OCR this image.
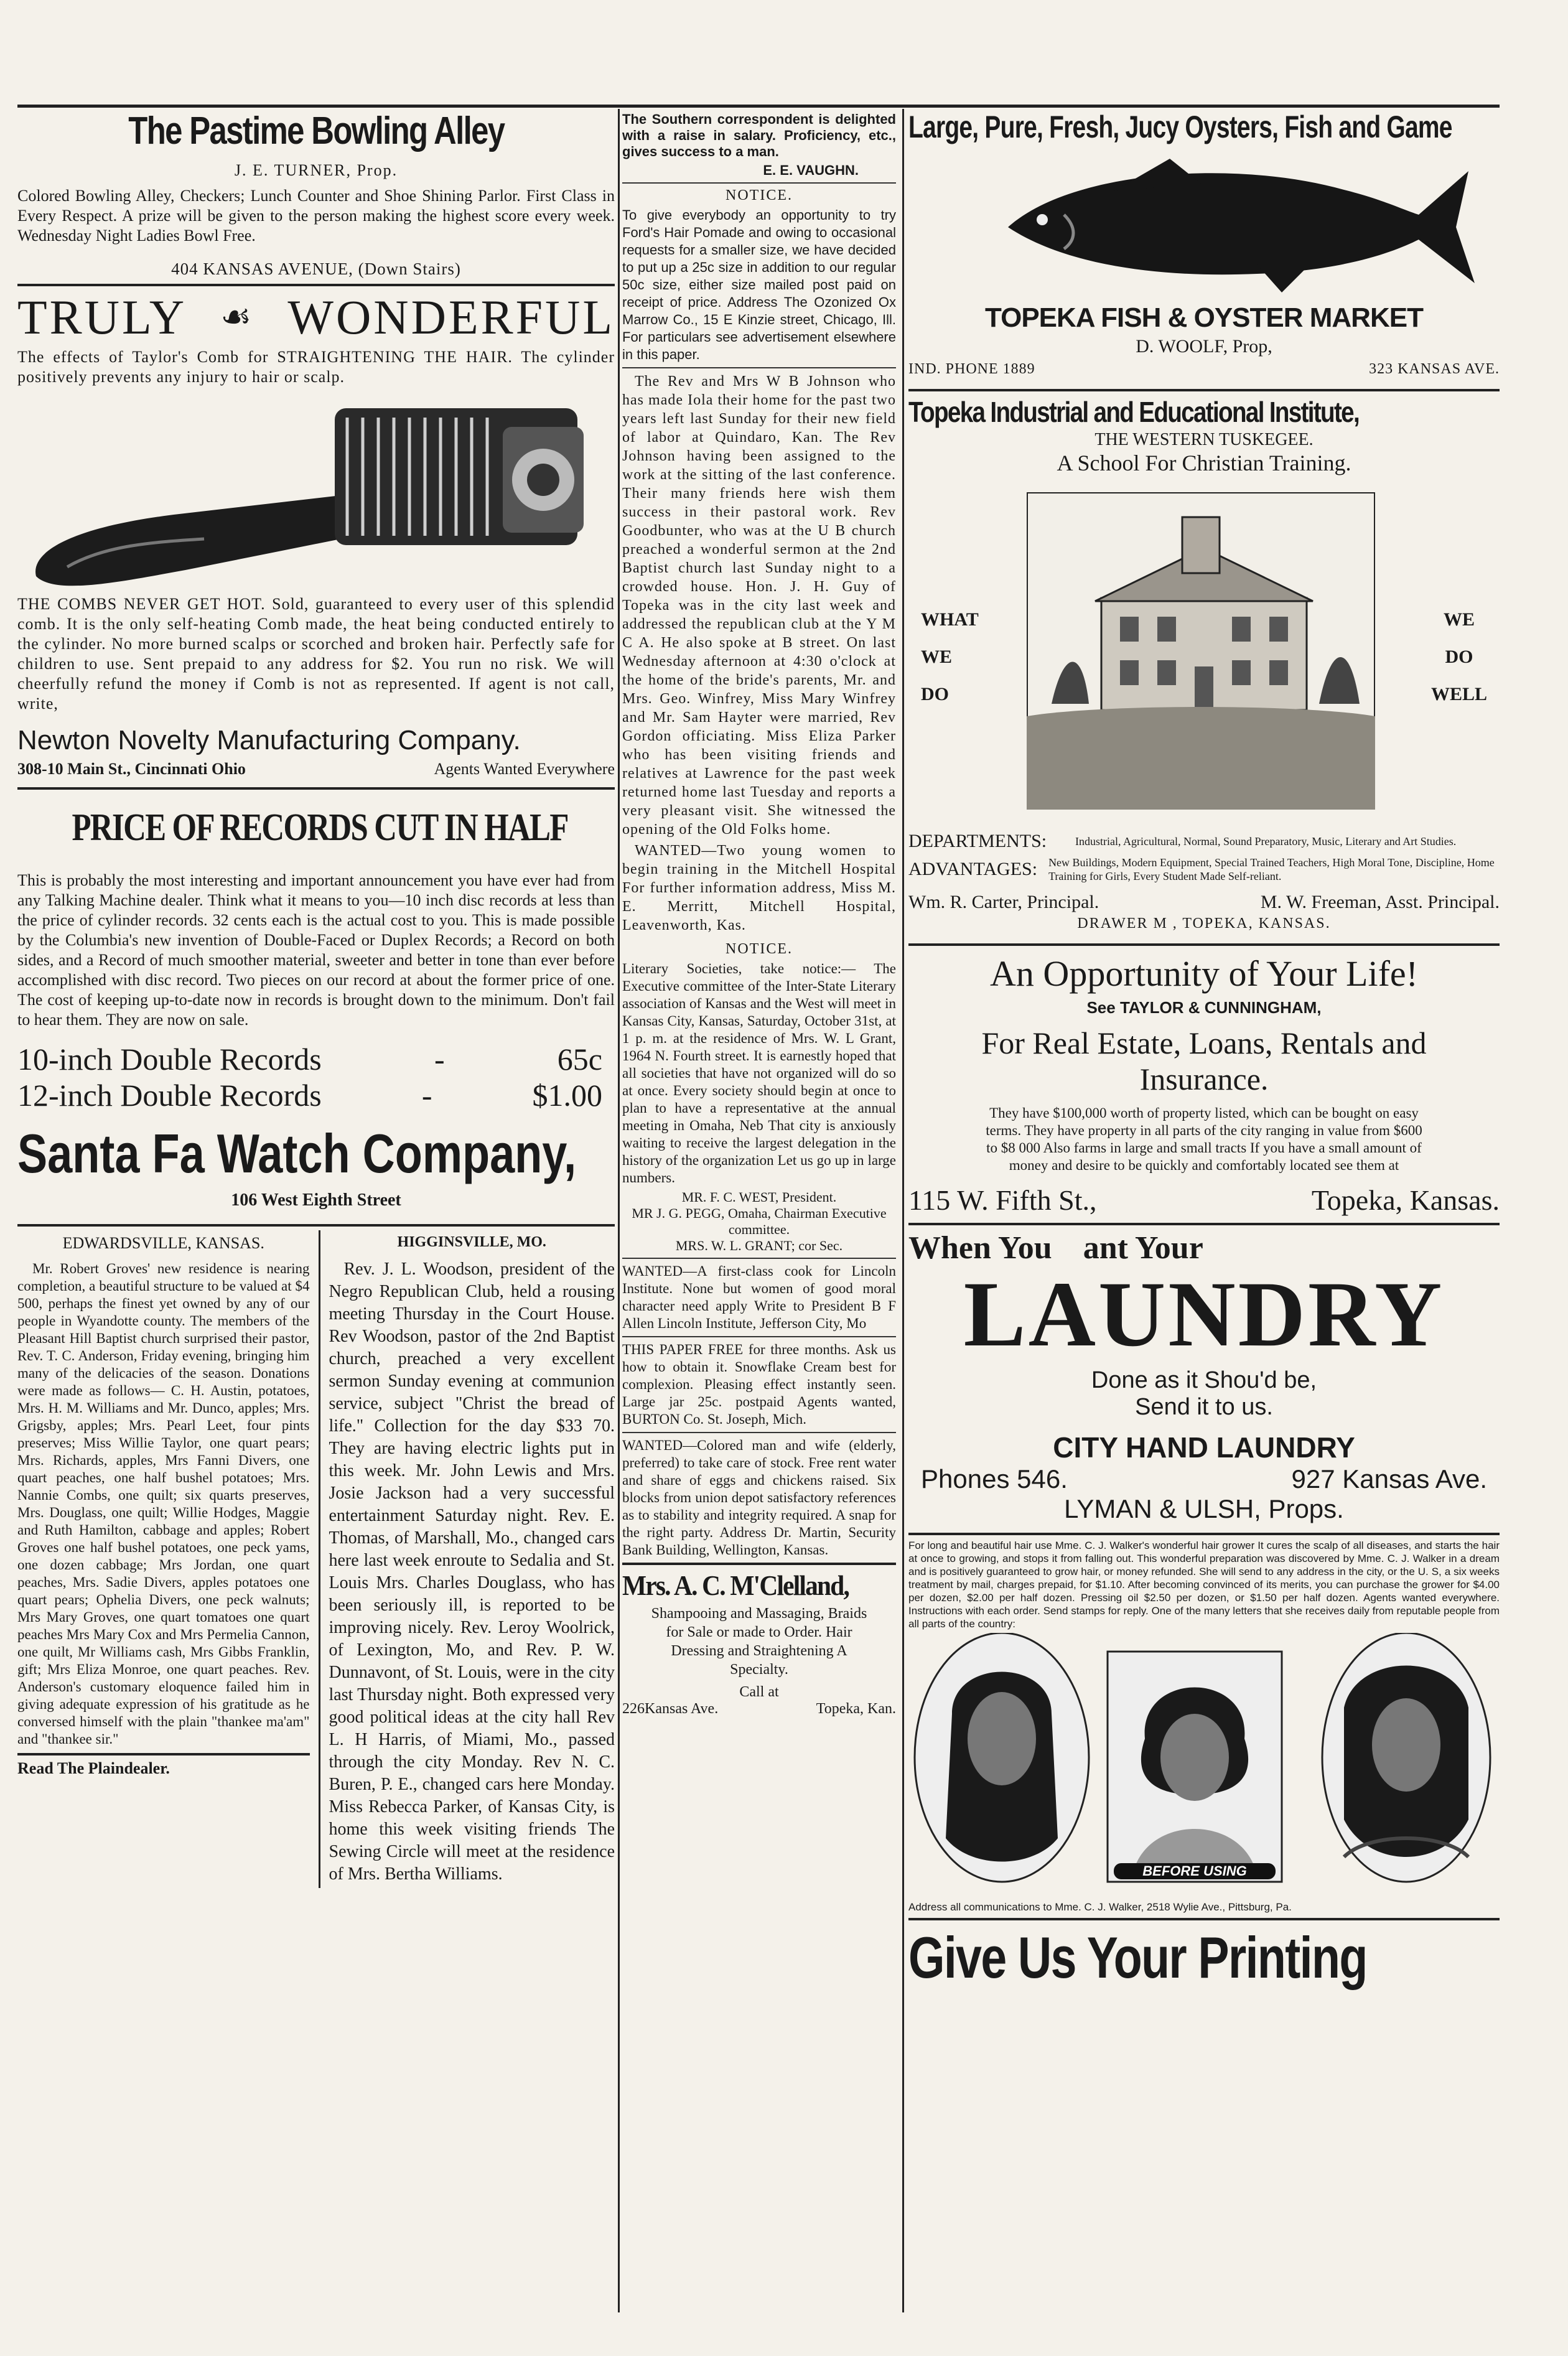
The Pastime Bowling Alley
J. E. TURNER, Prop.

Colored Bowling Alley, Checkers; Lunch Counter and Shoe Shining Parlor. First Class in Every Respect. A prize will be given to the person making the highest score every week. Wednesday Night Ladies Bowl Free.

404 KANSAS AVENUE, (Down Stairs)
TRULY ☙ WONDERFUL

The effects of Taylor's Comb for STRAIGHTENING THE HAIR. The cylinder positively prevents any injury to hair or scalp.

THE COMBS NEVER GET HOT. Sold, guaranteed to every user of this splendid comb. It is the only self-heating Comb made, the heat being conducted entirely to the cylinder. No more burned scalps or scorched and broken hair. Perfectly safe for children to use. Sent prepaid to any address for $2. You run no risk. We will cheerfully refund the money if Comb is not as represented. If agent is not call, write,

Newton Novelty Manufacturing Company.
308-10 Main St., Cincinnati Ohio	Agents Wanted Everywhere
PRICE OF RECORDS CUT IN HALF

This is probably the most interesting and important announcement you have ever had from any Talking Machine dealer. Think what it means to you—10 inch disc records at less than the price of cylinder records. 32 cents each is the actual cost to you. This is made possible by the Columbia's new invention of Double-Faced or Duplex Records; a Record on both sides, and a Record of much smoother material, sweeter and better in tone than ever before accomplished with disc record. Two pieces on our record at about the former price of one. The cost of keeping up-to-date now in records is brought down to the minimum. Don't fail to hear them. They are now on sale.

10-inch Double Records	-	65c
12-inch Double Records	-	$1.00
Santa Fa Watch Company,
106 West Eighth Street
EDWARDSVILLE, KANSAS.

Mr. Robert Groves' new residence is nearing completion, a beautiful structure to be valued at $4 500, perhaps the finest yet owned by any of our people in Wyandotte county. The members of the Pleasant Hill Baptist church surprised their pastor, Rev. T. C. Anderson, Friday evening, bringing him many of the delicacies of the season. Donations were made as follows— C. H. Austin, potatoes, Mrs. H. M. Williams and Mr. Dunco, apples; Mrs. Grigsby, apples; Mrs. Pearl Leet, four pints preserves; Miss Willie Taylor, one quart pears; Mrs. Richards, apples, Mrs Fanni Divers, one quart peaches, one half bushel potatoes; Mrs. Nannie Combs, one quilt; six quarts preserves, Mrs. Douglass, one quilt; Willie Hodges, Maggie and Ruth Hamilton, cabbage and apples; Robert Groves one half bushel potatoes, one peck yams, one dozen cabbage; Mrs Jordan, one quart peaches, Mrs. Sadie Divers, apples potatoes one quart pears; Ophelia Divers, one peck walnuts; Mrs Mary Groves, one quart tomatoes one quart peaches Mrs Mary Cox and Mrs Permelia Cannon, one quilt, Mr Williams cash, Mrs Gibbs Franklin, gift; Mrs Eliza Monroe, one quart peaches. Rev. Anderson's customary eloquence failed him in giving adequate expression of his gratitude as he conversed himself with the plain "thankee ma'am" and "thankee sir."

Read The Plaindealer.
HIGGINSVILLE, MO.

Rev. J. L. Woodson, president of the Negro Republican Club, held a rousing meeting Thursday in the Court House. Rev Woodson, pastor of the 2nd Baptist church, preached a very excellent sermon Sunday evening at communion service, subject "Christ the bread of life." Collection for the day $33 70. They are having electric lights put in this week. Mr. John Lewis and Mrs. Josie Jackson had a very successful entertainment Saturday night. Rev. E. Thomas, of Marshall, Mo., changed cars here last week enroute to Sedalia and St. Louis Mrs. Charles Douglass, who has been seriously ill, is reported to be improving nicely. Rev. Leroy Woolrick, of Lexington, Mo, and Rev. P. W. Dunnavont, of St. Louis, were in the city last Thursday night. Both expressed very good political ideas at the city hall Rev L. H Harris, of Miami, Mo., passed through the city Monday. Rev N. C. Buren, P. E., changed cars here Monday. Miss Rebecca Parker, of Kansas City, is home this week visiting friends The Sewing Circle will meet at the residence of Mrs. Bertha Williams.

The Southern correspondent is delighted with a raise in salary. Proficiency, etc., gives success to a man.

E. E. VAUGHN.
NOTICE.

To give everybody an opportunity to try Ford's Hair Pomade and owing to occasional requests for a smaller size, we have decided to put up a 25c size in addition to our regular 50c size, either size mailed post paid on receipt of price. Address The Ozonized Ox Marrow Co., 15 E Kinzie street, Chicago, Ill. For particulars see advertisement elsewhere in this paper.

The Rev and Mrs W B Johnson who has made Iola their home for the past two years left last Sunday for their new field of labor at Quindaro, Kan. The Rev Johnson having been assigned to the work at the sitting of the last conference. Their many friends here wish them success in their pastoral work. Rev Goodbunter, who was at the U B church preached a wonderful sermon at the 2nd Baptist church last Sunday night to a crowded house. Hon. J. H. Guy of Topeka was in the city last week and addressed the republican club at the Y M C A. He also spoke at B street. On last Wednesday afternoon at 4:30 o'clock at the home of the bride's parents, Mr. and Mrs. Geo. Winfrey, Miss Mary Winfrey and Mr. Sam Hayter were married, Rev Gordon officiating. Miss Eliza Parker who has been visiting friends and relatives at Lawrence for the past week returned home last Tuesday and reports a very pleasant visit. She witnessed the opening of the Old Folks home.

WANTED—Two young women to begin training in the Mitchell Hospital For further information address, Miss M. E. Merritt, Mitchell Hospital, Leavenworth, Kas.

NOTICE.

Literary Societies, take notice:— The Executive committee of the Inter-State Literary association of Kansas and the West will meet in Kansas City, Kansas, Saturday, October 31st, at 1 p. m. at the residence of Mrs. W. L Grant, 1964 N. Fourth street. It is earnestly hoped that all societies that have not organized will do so at once. Every society should begin at once to plan to have a representative at the annual meeting in Omaha, Neb That city is anxiously waiting to receive the largest delegation in the history of the organization Let us go up in large numbers.

MR. F. C. WEST, President.
MR J. G. PEGG, Omaha, Chairman Executive committee.
MRS. W. L. GRANT; cor Sec.

WANTED—A first-class cook for Lincoln Institute. None but women of good moral character need apply Write to President B F Allen Lincoln Institute, Jefferson City, Mo

THIS PAPER FREE for three months. Ask us how to obtain it. Snowflake Cream best for complexion. Pleasing effect instantly seen. Large jar 25c. postpaid Agents wanted, BURTON Co. St. Joseph, Mich.

WANTED—Colored man and wife (elderly, preferred) to take care of stock. Free rent water and share of eggs and chickens raised. Six blocks from union depot satisfactory references as to stability and integrity required. A snap for the right party. Address Dr. Martin, Security Bank Building, Wellington, Kansas.

Mrs. A. C. M'Clelland,

Shampooing and Massaging, Braids for Sale or made to Order. Hair Dressing and Straightening A Specialty.

Call at
226Kansas Ave.	Topeka, Kan.
Large, Pure, Fresh, Jucy Oysters, Fish and Game
TOPEKA FISH & OYSTER MARKET
D. WOOLF, Prop,
IND. PHONE 1889	323 KANSAS AVE.
Topeka Industrial and Educational Institute,
THE WESTERN TUSKEGEE.
A School For Christian Training.
WHAT
WE
DO
WE
DO
WELL
DEPARTMENTS:	Industrial, Agricultural, Normal, Sound Preparatory, Music, Literary and Art Studies.
ADVANTAGES: New Buildings, Modern Equipment, Special Trained Teachers, High Moral Tone, Discipline, Home Training for Girls, Every Student Made Self-reliant.
Wm. R. Carter, Principal.	M. W. Freeman, Asst. Principal.
DRAWER M , TOPEKA, KANSAS.
An Opportunity of Your Life!
See TAYLOR & CUNNINGHAM,
For Real Estate, Loans, Rentals and
Insurance.

They have $100,000 worth of property listed, which can be bought on easy terms. They have property in all parts of the city ranging in value from $600 to $8 000 Also farms in large and small tracts If you have a small amount of money and desire to be quickly and comfortably located see them at

115 W. Fifth St.,	Topeka, Kansas.
When You ant Your
LAUNDRY
Done as it Shou'd be,
Send it to us.
CITY HAND LAUNDRY
Phones 546.	927 Kansas Ave.
LYMAN & ULSH, Props.

For long and beautiful hair use Mme. C. J. Walker's wonderful hair grower It cures the scalp of all diseases, and starts the hair at once to growing, and stops it from falling out. This wonderful preparation was discovered by Mme. C. J. Walker in a dream and is positively guaranteed to grow hair, or money refunded. She will send to any address in the city, or the U. S, a six weeks treatment by mail, charges prepaid, for $1.10. After becoming convinced of its merits, you can purchase the grower for $4.00 per dozen, $2.00 per half dozen. Pressing oil $2.50 per dozen, or $1.50 per half dozen. Agents wanted everywhere. Instructions with each order. Send stamps for reply. One of the many letters that she receives daily from reputable people from all parts of the country:

BEFORE USING

Address all communications to Mme. C. J. Walker, 2518 Wylie Ave., Pittsburg, Pa.

Give Us Your Printing
